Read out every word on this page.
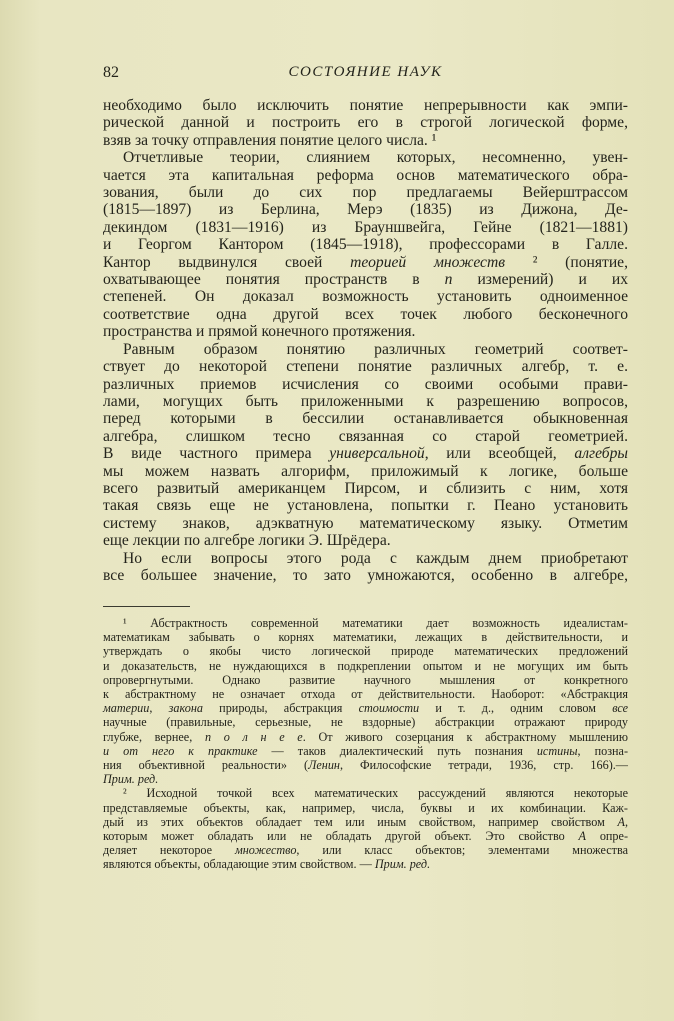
82	СОСТОЯНИЕ НАУК
необходимо было исключить понятие непрерывности как эмпи-
рической данной и построить его в строгой логической форме,
взяв за точку отправления понятие целого числа. ¹
Отчетливые теории, слиянием которых, несомненно, увен-
чается эта капитальная реформа основ математического обра-
зования, были до сих пор предлагаемы Вейерштрассом
(1815—1897) из Берлина, Мерэ (1835) из Дижона, Де-
декиндом (1831—1916) из Брауншвейга, Гейне (1821—1881)
и Георгом Кантором (1845—1918), профессорами в Галле.
Кантор выдвинулся своей теорией множеств ² (понятие,
охватывающее понятия пространств в n измерений) и их
степеней. Он доказал возможность установить одноименное
соответствие одна другой всех точек любого бесконечного
пространства и прямой конечного протяжения.
Равным образом понятию различных геометрий соответ-
ствует до некоторой степени понятие различных алгебр, т. е.
различных приемов исчисления со своими особыми прави-
лами, могущих быть приложенными к разрешению вопросов,
перед которыми в бессилии останавливается обыкновенная
алгебра, слишком тесно связанная со старой геометрией.
В виде частного примера универсальной, или всеобщей, алгебры
мы можем назвать алгорифм, приложимый к логике, больше
всего развитый американцем Пирсом, и сблизить с ним, хотя
такая связь еще не установлена, попытки г. Пеано установить
систему знаков, адэкватную математическому языку. Отметим
еще лекции по алгебре логики Э. Шрёдера.
Но если вопросы этого рода с каждым днем приобретают
все большее значение, то зато умножаются, особенно в алгебре,
¹ Абстрактность современной математики дает возможность идеалистам-
математикам забывать о корнях математики, лежащих в действительности, и
утверждать о якобы чисто логической природе математических предложений
и доказательств, не нуждающихся в подкреплении опытом и не могущих им быть
опровергнутыми. Однако развитие научного мышления от конкретного
к абстрактному не означает отхода от действительности. Наоборот: «Абстракция
материи, закона природы, абстракция стоимости и т. д., одним словом все
научные (правильные, серьезные, не вздорные) абстракции отражают природу
глубже, вернее, п о л н е е. От живого созерцания к абстрактному мышлению
и от него к практике — таков диалектический путь познания истины, позна-
ния объективной реальности» (Ленин, Философские тетради, 1936, стр. 166).—
Прим. ред.
² Исходной точкой всех математических рассуждений являются некоторые
представляемые объекты, как, например, числа, буквы и их комбинации. Каж-
дый из этих объектов обладает тем или иным свойством, например свойством A,
которым может обладать или не обладать другой объект. Это свойство A опре-
деляет некоторое множество, или класс объектов; элементами множества
являются объекты, обладающие этим свойством. — Прим. ред.
